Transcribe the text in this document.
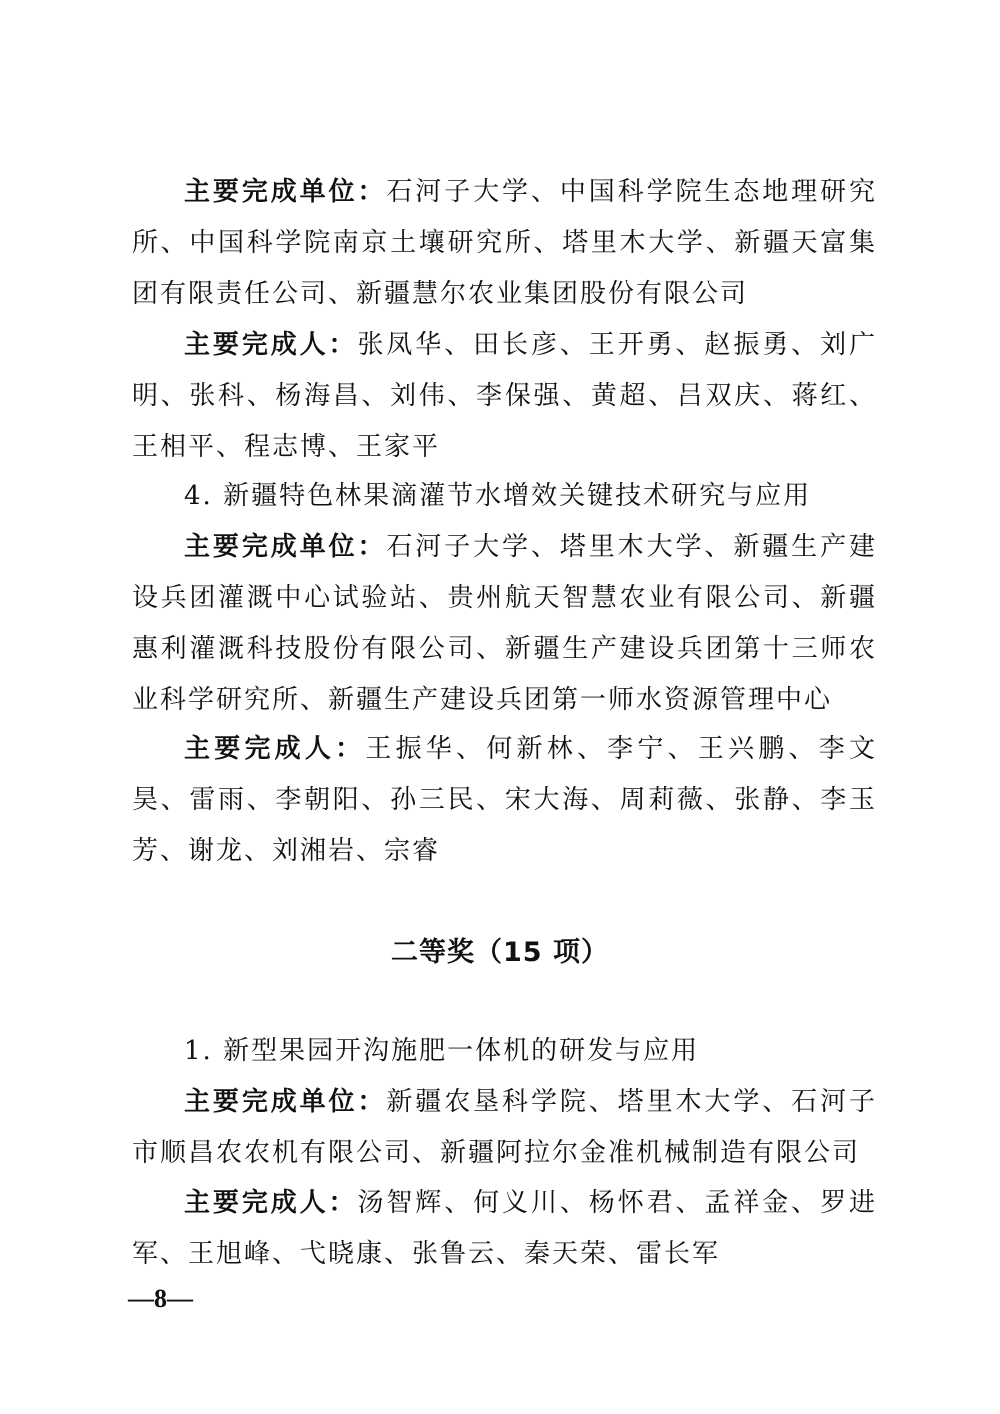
主要完成单位：石河子大学、中国科学院生态地理研究所、中国科学院南京土壤研究所、塔里木大学、新疆天富集团有限责任公司、新疆慧尔农业集团股份有限公司

主要完成人：张凤华、田长彦、王开勇、赵振勇、刘广明、张科、杨海昌、刘伟、李保强、黄超、吕双庆、蒋红、王相平、程志博、王家平

4. 新疆特色林果滴灌节水增效关键技术研究与应用

主要完成单位：石河子大学、塔里木大学、新疆生产建设兵团灌溉中心试验站、贵州航天智慧农业有限公司、新疆惠利灌溉科技股份有限公司、新疆生产建设兵团第十三师农业科学研究所、新疆生产建设兵团第一师水资源管理中心

主要完成人：王振华、何新林、李宁、王兴鹏、李文昊、雷雨、李朝阳、孙三民、宋大海、周莉薇、张静、李玉芳、谢龙、刘湘岩、宗睿

二等奖（15 项）

1. 新型果园开沟施肥一体机的研发与应用

主要完成单位：新疆农垦科学院、塔里木大学、石河子市顺昌农农机有限公司、新疆阿拉尔金准机械制造有限公司

主要完成人：汤智辉、何义川、杨怀君、孟祥金、罗进军、王旭峰、弋晓康、张鲁云、秦天荣、雷长军

—8—
